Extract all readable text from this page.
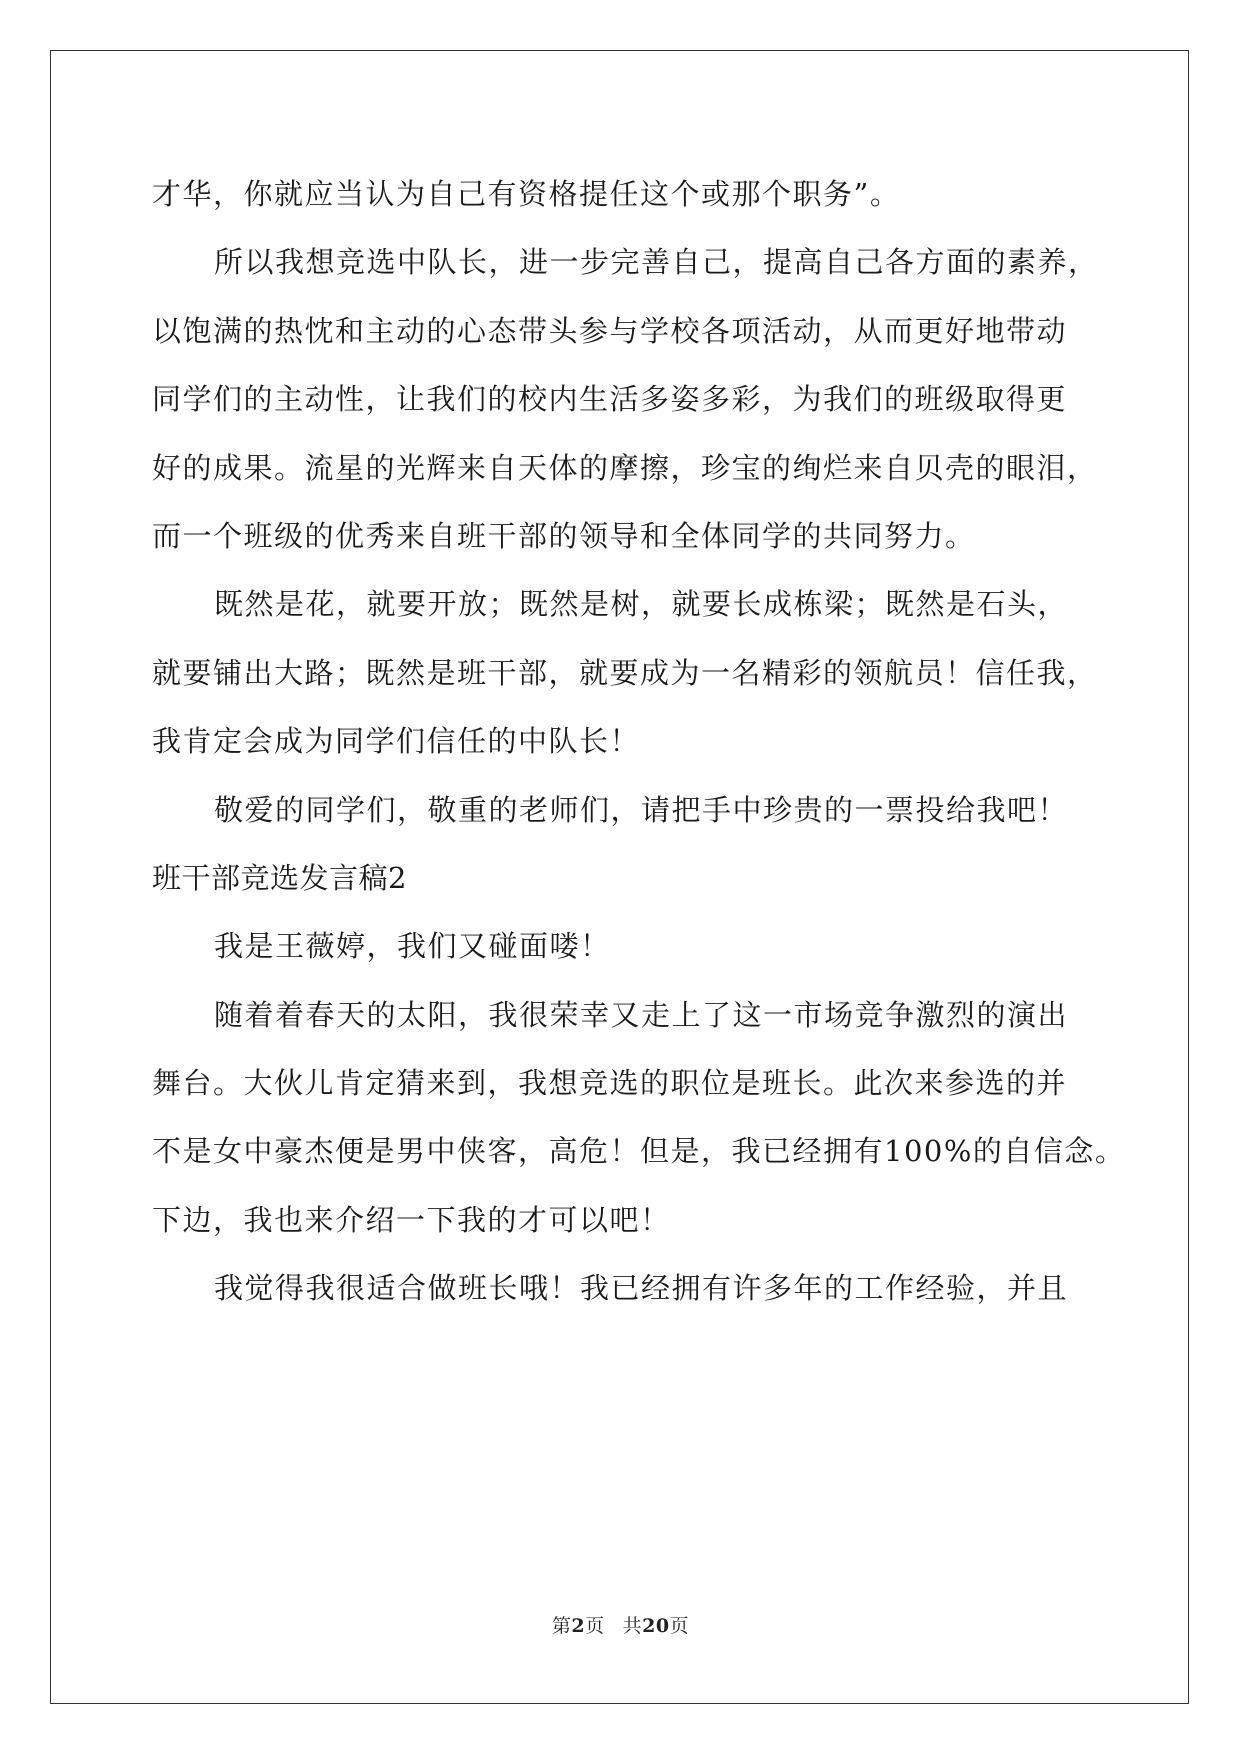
才华，你就应当认为自己有资格提任这个或那个职务”。
所以我想竞选中队长，进一步完善自己，提高自己各方面的素养，
以饱满的热忱和主动的心态带头参与学校各项活动，从而更好地带动
同学们的主动性，让我们的校内生活多姿多彩，为我们的班级取得更
好的成果。流星的光辉来自天体的摩擦，珍宝的绚烂来自贝壳的眼泪，
而一个班级的优秀来自班干部的领导和全体同学的共同努力。
既然是花，就要开放；既然是树，就要长成栋梁；既然是石头，
就要铺出大路；既然是班干部，就要成为一名精彩的领航员！信任我，
我肯定会成为同学们信任的中队长！
敬爱的同学们，敬重的老师们，请把手中珍贵的一票投给我吧！
班干部竞选发言稿2
我是王薇婷，我们又碰面喽！
随着着春天的太阳，我很荣幸又走上了这一市场竞争激烈的演出
舞台。大伙儿肯定猜来到，我想竞选的职位是班长。此次来参选的并
不是女中豪杰便是男中侠客，高危！但是，我已经拥有100%的自信念。
下边，我也来介绍一下我的才可以吧！
我觉得我很适合做班长哦！我已经拥有许多年的工作经验，并且
第2页 共20页
